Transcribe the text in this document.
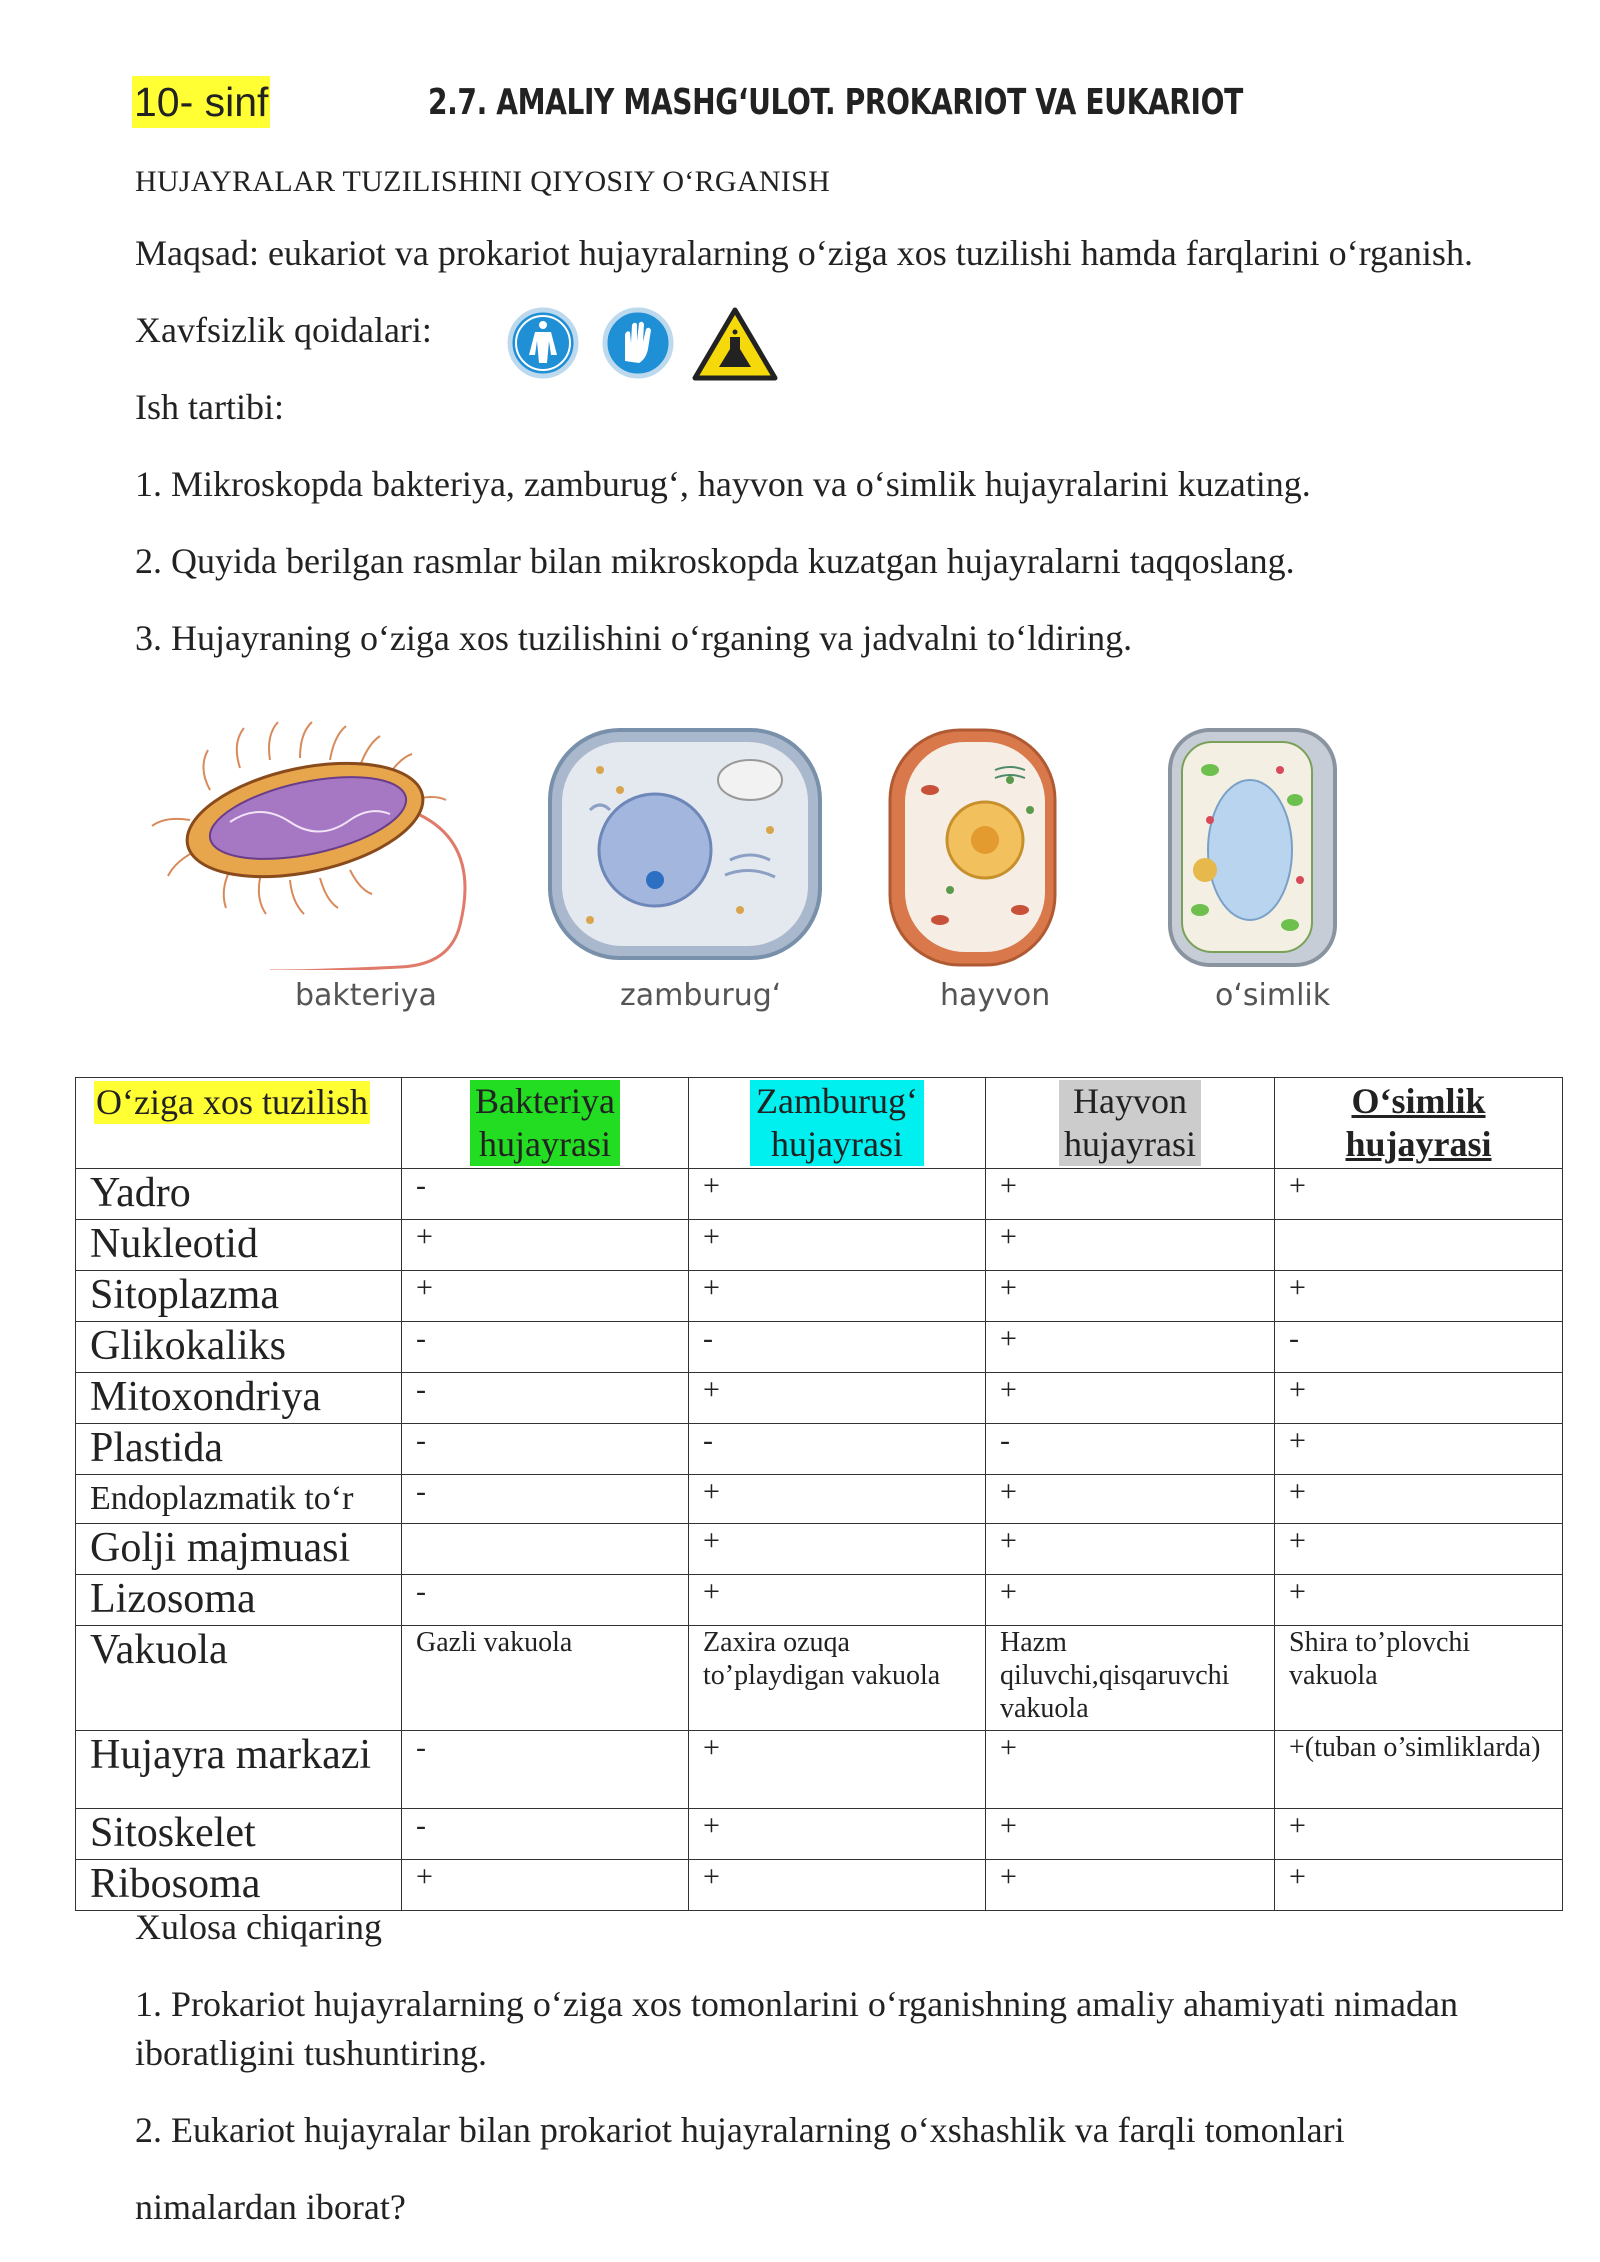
10- sinf	2.7. AMALIY MASHG‘ULOT. PROKARIOT VA EUKARIOT
HUJAYRALAR TUZILISHINI QIYOSIY O‘RGANISH
Maqsad: eukariot va prokariot hujayralarning o‘ziga xos tuzilishi hamda farqlarini o‘rganish.
Xavfsizlik qoidalari:
Ish tartibi:
1. Mikroskopda bakteriya, zamburug‘, hayvon va o‘simlik hujayralarini kuzating.
2. Quyida berilgan rasmlar bilan mikroskopda kuzatgan hujayralarni taqqoslang.
3. Hujayraning o‘ziga xos tuzilishini o‘rganing va jadvalni to‘ldiring.
bakteriya	zamburug‘	hayvon	o‘simlik
O‘ziga xos tuzilish	Bakteriya hujayrasi	Zamburug‘ hujayrasi	Hayvon hujayrasi	O‘simlik hujayrasi
Yadro	-	+	+	+
Nukleotid	+	+	+	
Sitoplazma	+	+	+	+
Glikokaliks	-	-	+	-
Mitoxondriya	-	+	+	+
Plastida	-	-	-	+
Endoplazmatik to‘r	-	+	+	+
Golji majmuasi		+	+	+
Lizosoma	-	+	+	+
Vakuola	Gazli vakuola	Zaxira ozuqa to’playdigan vakuola	Hazm qiluvchi,qisqaruvchi vakuola	Shira to’plovchi vakuola
Hujayra markazi	-	+	+	+(tuban o’simliklarda)
Sitoskelet	-	+	+	+
Ribosoma	+	+	+	+
Xulosa chiqaring
1. Prokariot hujayralarning o‘ziga xos tomonlarini o‘rganishning amaliy ahamiyati nimadan
iboratligini tushuntiring.
2. Eukariot hujayralar bilan prokariot hujayralarning o‘xshashlik va farqli tomonlari
nimalardan iborat?
